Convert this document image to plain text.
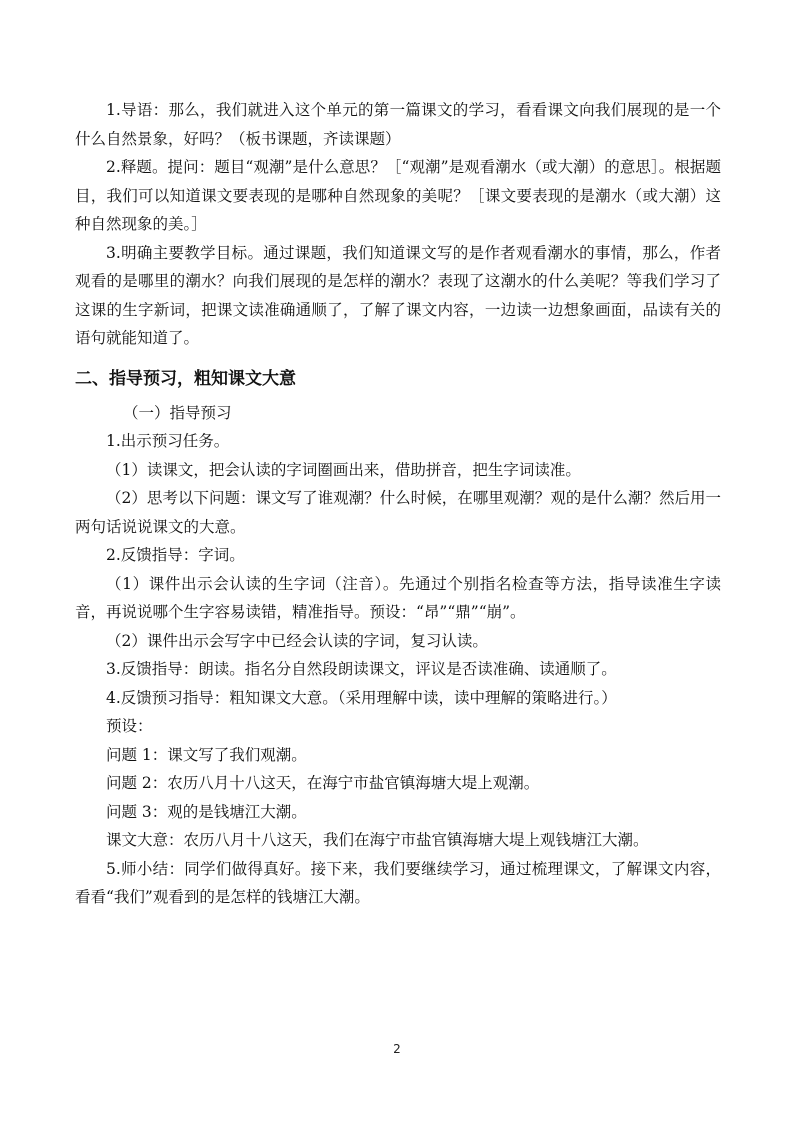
1.导语：那么，我们就进入这个单元的第一篇课文的学习，看看课文向我们展现的是一个什么自然景象，好吗？（板书课题，齐读课题）

2.释题。提问：题目“观潮”是什么意思？［“观潮”是观看潮水（或大潮）的意思］。根据题目，我们可以知道课文要表现的是哪种自然现象的美呢？［课文要表现的是潮水（或大潮）这种自然现象的美。］

3.明确主要教学目标。通过课题，我们知道课文写的是作者观看潮水的事情，那么，作者观看的是哪里的潮水？向我们展现的是怎样的潮水？表现了这潮水的什么美呢？等我们学习了这课的生字新词，把课文读准确通顺了，了解了课文内容，一边读一边想象画面，品读有关的语句就能知道了。

二、指导预习，粗知课文大意

（一）指导预习

1.出示预习任务。

（1）读课文，把会认读的字词圈画出来，借助拼音，把生字词读准。

（2）思考以下问题：课文写了谁观潮？什么时候，在哪里观潮？观的是什么潮？然后用一两句话说说课文的大意。

2.反馈指导：字词。

（1）课件出示会认读的生字词（注音）。先通过个别指名检查等方法，指导读准生字读音，再说说哪个生字容易读错，精准指导。预设：“昂”“鼎”“崩”。

（2）课件出示会写字中已经会认读的字词，复习认读。

3.反馈指导：朗读。指名分自然段朗读课文，评议是否读准确、读通顺了。

4.反馈预习指导：粗知课文大意。（采用理解中读，读中理解的策略进行。）

预设：

问题 1：课文写了我们观潮。

问题 2：农历八月十八这天，在海宁市盐官镇海塘大堤上观潮。

问题 3：观的是钱塘江大潮。

课文大意：农历八月十八这天，我们在海宁市盐官镇海塘大堤上观钱塘江大潮。

5.师小结：同学们做得真好。接下来，我们要继续学习，通过梳理课文，了解课文内容，看看“我们”观看到的是怎样的钱塘江大潮。

2
